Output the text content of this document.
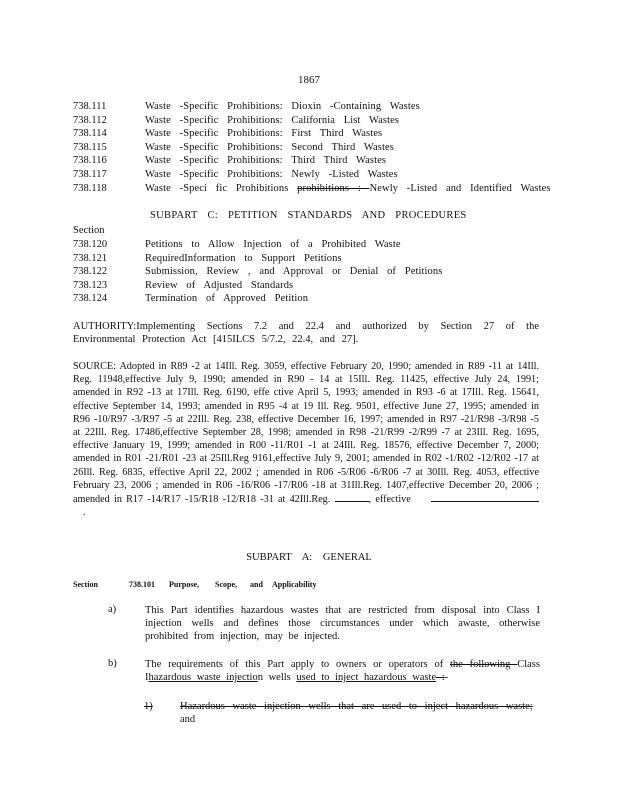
1867
738.111	Waste -Specific Prohibitions: Dioxin -Containing Wastes
738.112	Waste -Specific Prohibitions: California List Wastes
738.114	Waste -Specific Prohibitions: First Third Wastes
738.115	Waste -Specific Prohibitions: Second Third Wastes
738.116	Waste -Specific Prohibitions: Third Third Wastes
738.117	Waste -Specific Prohibitions: Newly -Listed Wastes
738.118	Waste -Speci fic Prohibitions prohibitions : Newly -Listed and Identified Wastes
SUBPART C: PETITION STANDARDS AND PROCEDURES
Section
738.120	Petitions to Allow Injection of a Prohibited Waste
738.121	RequiredInformation to Support Petitions
738.122	Submission, Review , and Approval or Denial of Petitions
738.123	Review of Adjusted Standards
738.124	Termination of Approved Petition
AUTHORITY:Implementing Sections 7.2 and 22.4 and authorized by Section 27 of the Environmental Protection Act [415ILCS 5/7.2, 22.4, and 27].
SOURCE: Adopted in R89 -2 at 14Ill. Reg. 3059, effective February 20, 1990; amended in R89 -11 at 14Ill. Reg. 11948,effective July 9, 1990; amended in R90 - 14 at 15Ill. Reg. 11425, effective July 24, 1991; amended in R92 -13 at 17Ill. Reg. 6190, effe ctive April 5, 1993; amended in R93 -6 at 17Ill. Reg. 15641, effective September 14, 1993; amended in R95 -4 at 19 Ill. Reg. 9501, effective June 27, 1995; amended in R96 -10/R97 -3/R97 -5 at 22Ill. Reg. 238, effective December 16, 1997; amended in R97 -21/R98 -3/R98 -5 at 22Ill. Reg. 17486,effective September 28, 1998; amended in R98 -21/R99 -2/R99 -7 at 23Ill. Reg. 1695, effective January 19, 1999; amended in R00 -11/R01 -1 at 24Ill. Reg. 18576, effective December 7, 2000; amended in R01 -21/R01 -23 at 25Ill.Reg 9161,effective July 9, 2001; amended in R02 -1/R02 -12/R02 -17 at 26Ill. Reg. 6835, effective April 22, 2002 ; amended in R06 -5/R06 -6/R06 -7 at 30Ill. Reg. 4053, effective February 23, 2006 ; amended in R06 -16/R06 -17/R06 -18 at 31Ill.Reg. 1407,effective December 20, 2006 ; amended in R17 -14/R17 -15/R18 -12/R18 -31 at 42Ill.Reg.	, effective  .
SUBPART A: GENERAL
Section	738.101 Purpose, Scope, and Applicability
a)	This Part identifies hazardous wastes that are restricted from disposal into Class I injection wells and defines those circumstances under which awaste, otherwise prohibited from injection, may be injected.
b)	The requirements of this Part apply to owners or operators of the following Class Ihazardous waste injection wells used to inject hazardous waste :-
1)	Hazardous waste injection wells that are used to inject hazardous waste;
and
